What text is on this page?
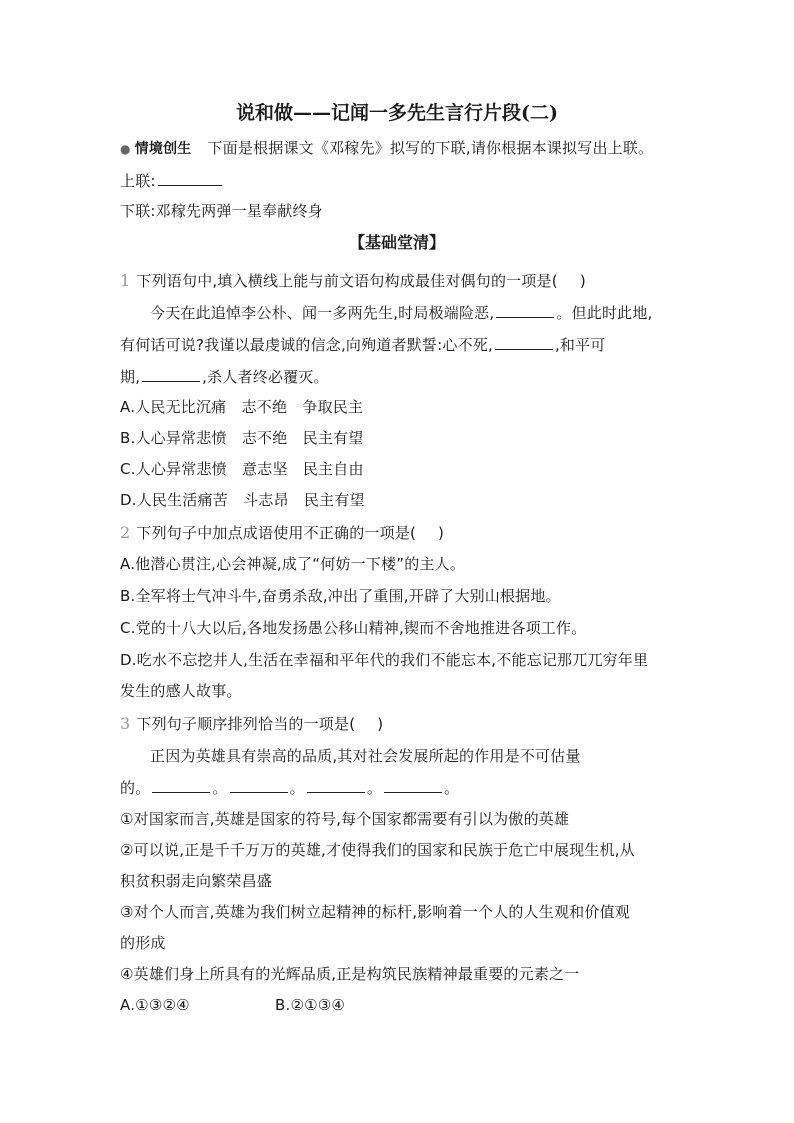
说和做——记闻一多先生言行片段(二)
● 情境创生 下面是根据课文《邓稼先》拟写的下联,请你根据本课拟写出上联。
上联:
下联:邓稼先两弹一星奉献终身
【基础堂清】
1 下列语句中,填入横线上能与前文语句构成最佳对偶句的一项是( )
今天在此追悼李公朴、闻一多两先生,时局极端险恶,	。但此时此地,
有何话可说?我谨以最虔诚的信念,向殉道者默誓:心不死,	,和平可
期,	,杀人者终必覆灭。
A.人民无比沉痛　志不绝　争取民主
B.人心异常悲愤　志不绝　民主有望
C.人心异常悲愤　意志坚　民主自由
D.人民生活痛苦　斗志昂　民主有望
2 下列句子中加点成语使用不正确的一项是( )
A.他潜心贯注,心会神凝,成了“何妨一下楼”的主人。
B.全军将士气冲斗牛,奋勇杀敌,冲出了重围,开辟了大别山根据地。
C.党的十八大以后,各地发扬愚公移山精神,锲而不舍地推进各项工作。
D.吃水不忘挖井人,生活在幸福和平年代的我们不能忘本,不能忘记那兀兀穷年里
发生的感人故事。
3 下列句子顺序排列恰当的一项是( )
正因为英雄具有崇高的品质,其对社会发展所起的作用是不可估量
的。	。	。	。	。
①对国家而言,英雄是国家的符号,每个国家都需要有引以为傲的英雄
②可以说,正是千千万万的英雄,才使得我们的国家和民族于危亡中展现生机,从
积贫积弱走向繁荣昌盛
③对个人而言,英雄为我们树立起精神的标杆,影响着一个人的人生观和价值观
的形成
④英雄们身上所具有的光辉品质,正是构筑民族精神最重要的元素之一
A.①③②④	B.②①③④
